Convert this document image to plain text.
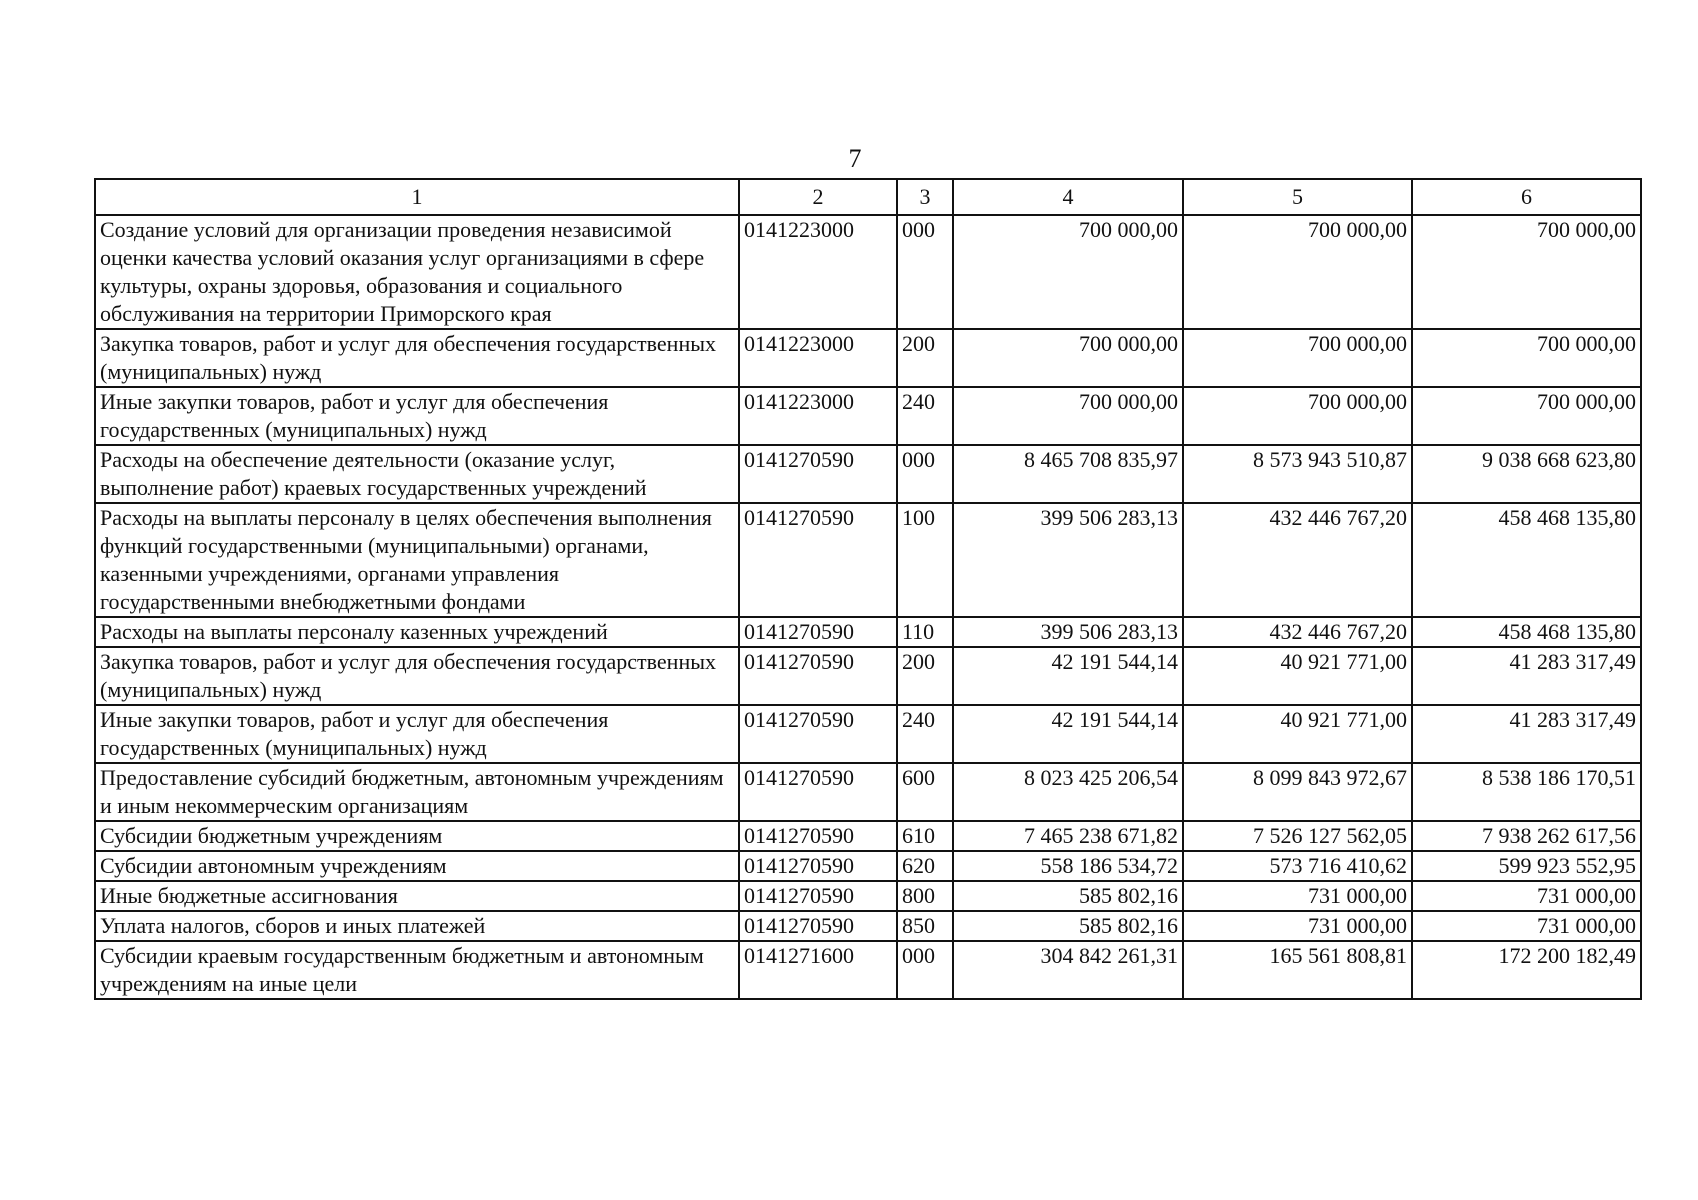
7
1	2	3	4	5	6
Создание условий для организации проведения независимой оценки качества условий оказания услуг организациями в сфере культуры, охраны здоровья, образования и социального обслуживания на территории Приморского края	0141223000	000	700 000,00	700 000,00	700 000,00
Закупка товаров, работ и услуг для обеспечения государственных (муниципальных) нужд	0141223000	200	700 000,00	700 000,00	700 000,00
Иные закупки товаров, работ и услуг для обеспечения государственных (муниципальных) нужд	0141223000	240	700 000,00	700 000,00	700 000,00
Расходы на обеспечение деятельности (оказание услуг, выполнение работ) краевых государственных учреждений	0141270590	000	8 465 708 835,97	8 573 943 510,87	9 038 668 623,80
Расходы на выплаты персоналу в целях обеспечения выполнения функций государственными (муниципальными) органами, казенными учреждениями, органами управления государственными внебюджетными фондами	0141270590	100	399 506 283,13	432 446 767,20	458 468 135,80
Расходы на выплаты персоналу казенных учреждений	0141270590	110	399 506 283,13	432 446 767,20	458 468 135,80
Закупка товаров, работ и услуг для обеспечения государственных (муниципальных) нужд	0141270590	200	42 191 544,14	40 921 771,00	41 283 317,49
Иные закупки товаров, работ и услуг для обеспечения государственных (муниципальных) нужд	0141270590	240	42 191 544,14	40 921 771,00	41 283 317,49
Предоставление субсидий бюджетным, автономным учреждениям и иным некоммерческим организациям	0141270590	600	8 023 425 206,54	8 099 843 972,67	8 538 186 170,51
Субсидии бюджетным учреждениям	0141270590	610	7 465 238 671,82	7 526 127 562,05	7 938 262 617,56
Субсидии автономным учреждениям	0141270590	620	558 186 534,72	573 716 410,62	599 923 552,95
Иные бюджетные ассигнования	0141270590	800	585 802,16	731 000,00	731 000,00
Уплата налогов, сборов и иных платежей	0141270590	850	585 802,16	731 000,00	731 000,00
Субсидии краевым государственным бюджетным и автономным учреждениям на иные цели	0141271600	000	304 842 261,31	165 561 808,81	172 200 182,49
